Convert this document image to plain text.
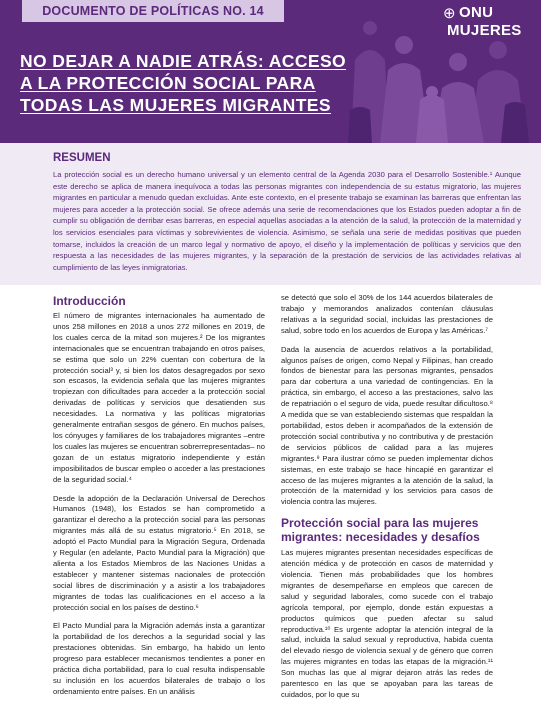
DOCUMENTO DE POLÍTICAS NO. 14	⊕ ONU
MUJERES
NO DEJAR A NADIE ATRÁS: ACCESO
A LA PROTECCIÓN SOCIAL PARA
TODAS LAS MUJERES MIGRANTES
RESUMEN

La protección social es un derecho humano universal y un elemento central de la Agenda 2030 para el Desarrollo Sostenible.¹ Aunque este derecho se aplica de manera inequívoca a todas las personas migrantes con independencia de su estatus migratorio, las mujeres migrantes en particular a menudo quedan excluidas. Ante este contexto, en el presente trabajo se examinan las barreras que enfrentan las mujeres para acceder a la protección social. Se ofrece además una serie de recomendaciones que los Estados pueden adoptar a fin de cumplir su obligación de derribar esas barreras, en especial aquellas asociadas a la atención de la salud, la protección de la maternidad y los servicios esenciales para víctimas y sobrevivientes de violencia. Asimismo, se señala una serie de medidas positivas que pueden tomarse, incluidos la creación de un marco legal y normativo de apoyo, el diseño y la implementación de políticas y servicios que den respuesta a las necesidades de las mujeres migrantes, y la separación de la prestación de servicios de las actividades relativas al cumplimiento de las leyes inmigratorias.

Introducción

El número de migrantes internacionales ha aumentado de unos 258 millones en 2018 a unos 272 millones en 2019, de los cuales cerca de la mitad son mujeres.² De los migrantes internacionales que se encuentran trabajando en otros países, se estima que solo un 22% cuentan con cobertura de la protección social³ y, si bien los datos desagregados por sexo son escasos, la evidencia señala que las mujeres migrantes tropiezan con dificultades para acceder a la protección social derivadas de políticas y servicios que desatienden sus necesidades. La normativa y las políticas migratorias generalmente entrañan sesgos de género. En muchos países, los cónyuges y familiares de los trabajadores migrantes –entre los cuales las mujeres se encuentran sobrerrepresentadas– no gozan de un estatus migratorio independiente y están imposibilitados de buscar empleo o acceder a las prestaciones de la seguridad social.⁴

Desde la adopción de la Declaración Universal de Derechos Humanos (1948), los Estados se han comprometido a garantizar el derecho a la protección social para las personas migrantes más allá de su estatus migratorio.⁵ En 2018, se adoptó el Pacto Mundial para la Migración Segura, Ordenada y Regular (en adelante, Pacto Mundial para la Migración) que alienta a los Estados Miembros de las Naciones Unidas a establecer y mantener sistemas nacionales de protección social libres de discriminación y a asistir a los trabajadores migrantes de todas las cualificaciones en el acceso a la protección social en los países de destino.⁶

El Pacto Mundial para la Migración además insta a garantizar la portabilidad de los derechos a la seguridad social y las prestaciones obtenidas. Sin embargo, ha habido un lento progreso para establecer mecanismos tendientes a poner en práctica dicha portabilidad, para lo cual resulta indispensable su inclusión en los acuerdos bilaterales de trabajo o los ordenamiento entre países. En un análisis

se detectó que solo el 30% de los 144 acuerdos bilaterales de trabajo y memorandos analizados contenían cláusulas relativas a la seguridad social, incluidas las prestaciones de salud, sobre todo en los acuerdos de Europa y las Américas.⁷

Dada la ausencia de acuerdos relativos a la portabilidad, algunos países de origen, como Nepal y Filipinas, han creado fondos de bienestar para las personas migrantes, pensados para dar cobertura a una variedad de contingencias. En la práctica, sin embargo, el acceso a las prestaciones, salvo las de repatriación o el seguro de vida, puede resultar dificultoso.⁸ A medida que se van estableciendo sistemas que respaldan la portabilidad, estos deben ir acompañados de la extensión de protección social contributiva y no contributiva y de prestación de servicios públicos de calidad para a las mujeres migrantes.⁹ Para ilustrar cómo se pueden implementar dichos sistemas, en este trabajo se hace hincapié en garantizar el acceso de las mujeres migrantes a la atención de la salud, la protección de la maternidad y los servicios para casos de violencia contra las mujeres.

Protección social para las mujeres migrantes: necesidades y desafíos

Las mujeres migrantes presentan necesidades específicas de atención médica y de protección en casos de maternidad y violencia. Tienen más probabilidades que los hombres migrantes de desempeñarse en empleos que carecen de salud y seguridad laborales, como sucede con el trabajo agrícola temporal, por ejemplo, donde están expuestas a productos químicos que pueden afectar su salud reproductiva.¹⁰ Es urgente adoptar la atención integral de la salud, incluida la salud sexual y reproductiva, habida cuenta del elevado riesgo de violencia sexual y de género que corren las mujeres migrantes en todas las etapas de la migración.¹¹ Son muchas las que al migrar dejaron atrás las redes de parentesco en las que se apoyaban para las tareas de cuidados, por lo que su
